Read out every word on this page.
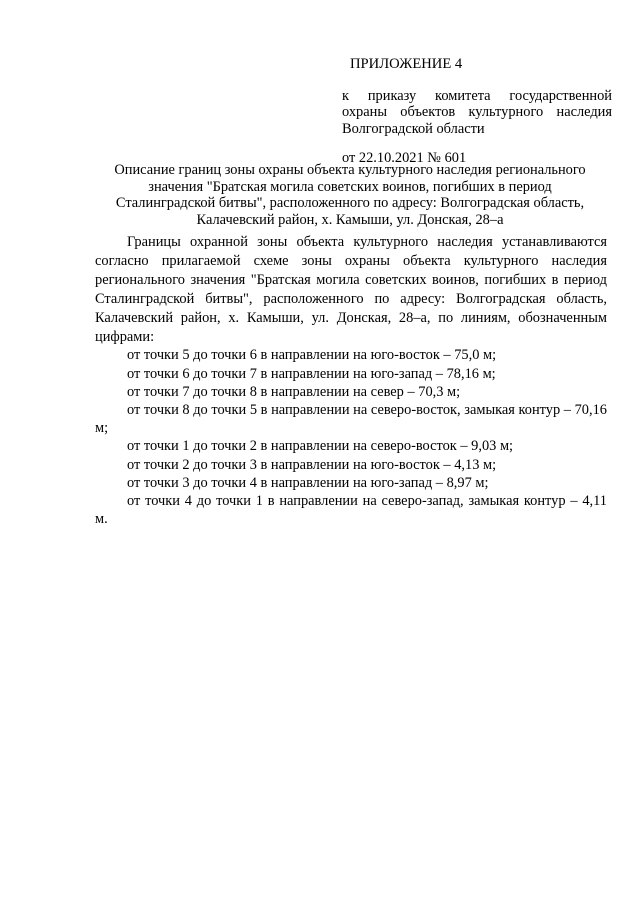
ПРИЛОЖЕНИЕ 4
к приказу комитета государственной
охраны объектов культурного наследия
Волгоградской области
от 22.10.2021 № 601
Описание границ зоны охраны объекта культурного наследия регионального
значения "Братская могила советских воинов, погибших в период
Сталинградской битвы", расположенного по адресу: Волгоградская область,
Калачевский район, х. Камыши, ул. Донская, 28–а

Границы охранной зоны объекта культурного наследия устанавливаются согласно прилагаемой схеме зоны охраны объекта культурного наследия регионального значения "Братская могила советских воинов, погибших в период Сталинградской битвы", расположенного по адресу: Волгоградская область, Калачевский район, х. Камыши, ул. Донская, 28–а, по линиям, обозначенным цифрами:

от точки 5 до точки 6 в направлении на юго-восток – 75,0 м;

от точки 6 до точки 7 в направлении на юго-запад – 78,16 м;

от точки 7 до точки 8 в направлении на север – 70,3 м;

от точки 8 до точки 5 в направлении на северо-восток, замыкая контур – 70,16 м;

от точки 1 до точки 2 в направлении на северо-восток – 9,03 м;

от точки 2 до точки 3 в направлении на юго-восток – 4,13 м;

от точки 3 до точки 4 в направлении на юго-запад – 8,97 м;

от точки 4 до точки 1 в направлении на северо-запад, замыкая контур – 4,11 м.
